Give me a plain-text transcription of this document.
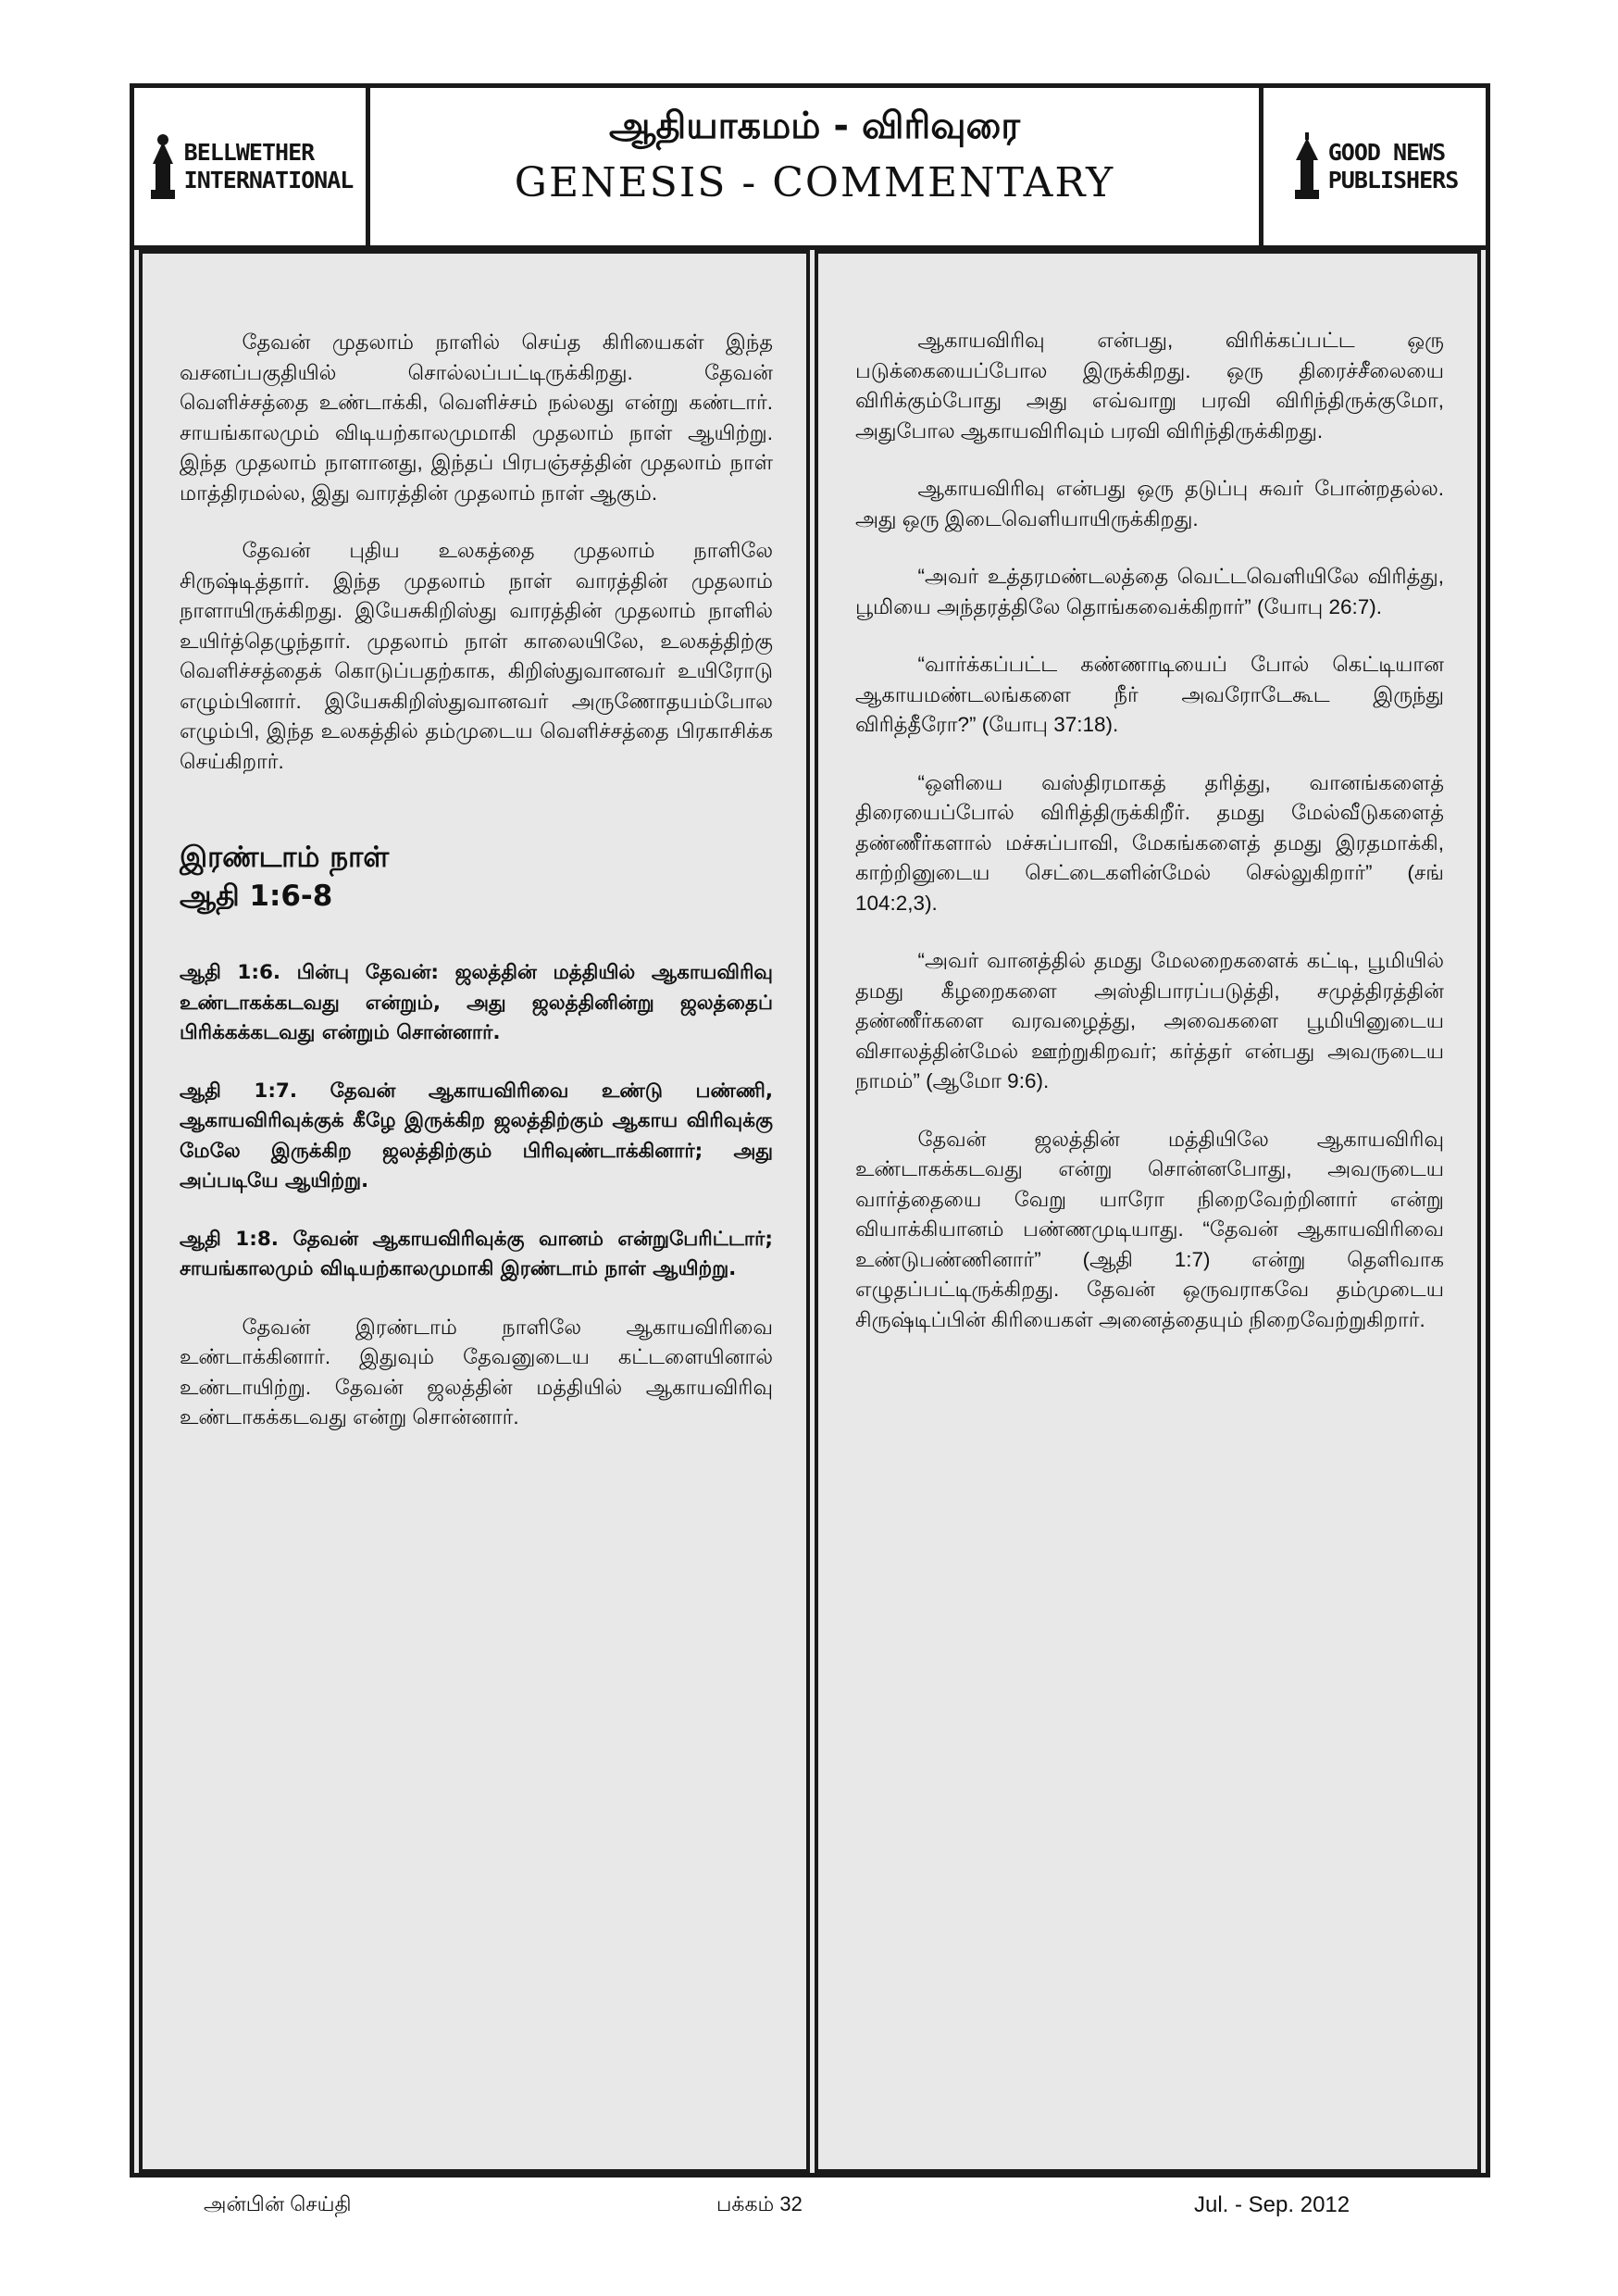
BELLWETHER
INTERNATIONAL
ஆதியாகமம் - விரிவுரை
GENESIS - COMMENTARY
GOOD NEWS
PUBLISHERS

தேவன் முதலாம் நாளில் செய்த கிரியைகள் இந்த வசனப்பகுதியில் சொல்லப்பட்டிருக்கிறது. தேவன் வெளிச்சத்தை உண்டாக்கி, வெளிச்சம் நல்லது என்று கண்டார். சாயங்காலமும் விடியற்காலமுமாகி முதலாம் நாள் ஆயிற்று. இந்த முதலாம் நாளானது, இந்தப் பிரபஞ்சத்தின் முதலாம் நாள் மாத்திரமல்ல, இது வாரத்தின் முதலாம் நாள் ஆகும்.

தேவன் புதிய உலகத்தை முதலாம் நாளிலே சிருஷ்டித்தார். இந்த முதலாம் நாள் வாரத்தின் முதலாம் நாளாயிருக்கிறது. இயேசுகிறிஸ்து வாரத்தின் முதலாம் நாளில் உயிர்த்தெழுந்தார். முதலாம் நாள் காலையிலே, உலகத்திற்கு வெளிச்சத்தைக் கொடுப்பதற்காக, கிறிஸ்துவானவர் உயிரோடு எழும்பினார். இயேசுகிறிஸ்துவானவர் அருணோதயம்போல எழும்பி, இந்த உலகத்தில் தம்முடைய வெளிச்சத்தை பிரகாசிக்க செய்கிறார்.

இரண்டாம் நாள்
ஆதி 1:6-8

ஆதி 1:6. பின்பு தேவன்: ஜலத்தின் மத்தியில் ஆகாயவிரிவு உண்டாகக்கடவது என்றும், அது ஜலத்தினின்று ஜலத்தைப் பிரிக்கக்கடவது என்றும் சொன்னார்.

ஆதி 1:7. தேவன் ஆகாயவிரிவை உண்டு பண்ணி, ஆகாயவிரிவுக்குக் கீழே இருக்கிற ஜலத்திற்கும் ஆகாய விரிவுக்கு மேலே இருக்கிற ஜலத்திற்கும் பிரிவுண்டாக்கினார்; அது அப்படியே ஆயிற்று.

ஆதி 1:8. தேவன் ஆகாயவிரிவுக்கு வானம் என்றுபேரிட்டார்; சாயங்காலமும் விடியற்காலமுமாகி இரண்டாம் நாள் ஆயிற்று.

தேவன் இரண்டாம் நாளிலே ஆகாயவிரிவை உண்டாக்கினார். இதுவும் தேவனுடைய கட்டளையினால் உண்டாயிற்று. தேவன் ஜலத்தின் மத்தியில் ஆகாயவிரிவு உண்டாகக்கடவது என்று சொன்னார்.

ஆகாயவிரிவு என்பது, விரிக்கப்பட்ட ஒரு படுக்கையைப்போல இருக்கிறது. ஒரு திரைச்சீலையை விரிக்கும்போது அது எவ்வாறு பரவி விரிந்திருக்குமோ, அதுபோல ஆகாயவிரிவும் பரவி விரிந்திருக்கிறது.

ஆகாயவிரிவு என்பது ஒரு தடுப்பு சுவர் போன்றதல்ல. அது ஒரு இடைவெளியாயிருக்கிறது.

“அவர் உத்தரமண்டலத்தை வெட்டவெளியிலே விரித்து, பூமியை அந்தரத்திலே தொங்கவைக்கிறார்” (யோபு 26:7).

“வார்க்கப்பட்ட கண்ணாடியைப் போல் கெட்டியான ஆகாயமண்டலங்களை நீர் அவரோடேகூட இருந்து விரித்தீரோ?” (யோபு 37:18).

“ஒளியை வஸ்திரமாகத் தரித்து, வானங்களைத் திரையைப்போல் விரித்திருக்கிறீர். தமது மேல்வீடுகளைத் தண்ணீர்களால் மச்சுப்பாவி, மேகங்களைத் தமது இரதமாக்கி, காற்றினுடைய செட்டைகளின்மேல் செல்லுகிறார்” (சங் 104:2,3).

“அவர் வானத்தில் தமது மேலறைகளைக் கட்டி, பூமியில் தமது கீழறைகளை அஸ்திபாரப்படுத்தி, சமுத்திரத்தின் தண்ணீர்களை வரவழைத்து, அவைகளை பூமியினுடைய விசாலத்தின்மேல் ஊற்றுகிறவர்; கர்த்தர் என்பது அவருடைய நாமம்” (ஆமோ 9:6).

தேவன் ஜலத்தின் மத்தியிலே ஆகாயவிரிவு உண்டாகக்கடவது என்று சொன்னபோது, அவருடைய வார்த்தையை வேறு யாரோ நிறைவேற்றினார் என்று வியாக்கியானம் பண்ணமுடியாது. “தேவன் ஆகாயவிரிவை உண்டுபண்ணினார்” (ஆதி 1:7) என்று தெளிவாக எழுதப்பட்டிருக்கிறது. தேவன் ஒருவராகவே தம்முடைய சிருஷ்டிப்பின் கிரியைகள் அனைத்தையும் நிறைவேற்றுகிறார்.

அன்பின் செய்தி	பக்கம் 32	Jul. - Sep. 2012
